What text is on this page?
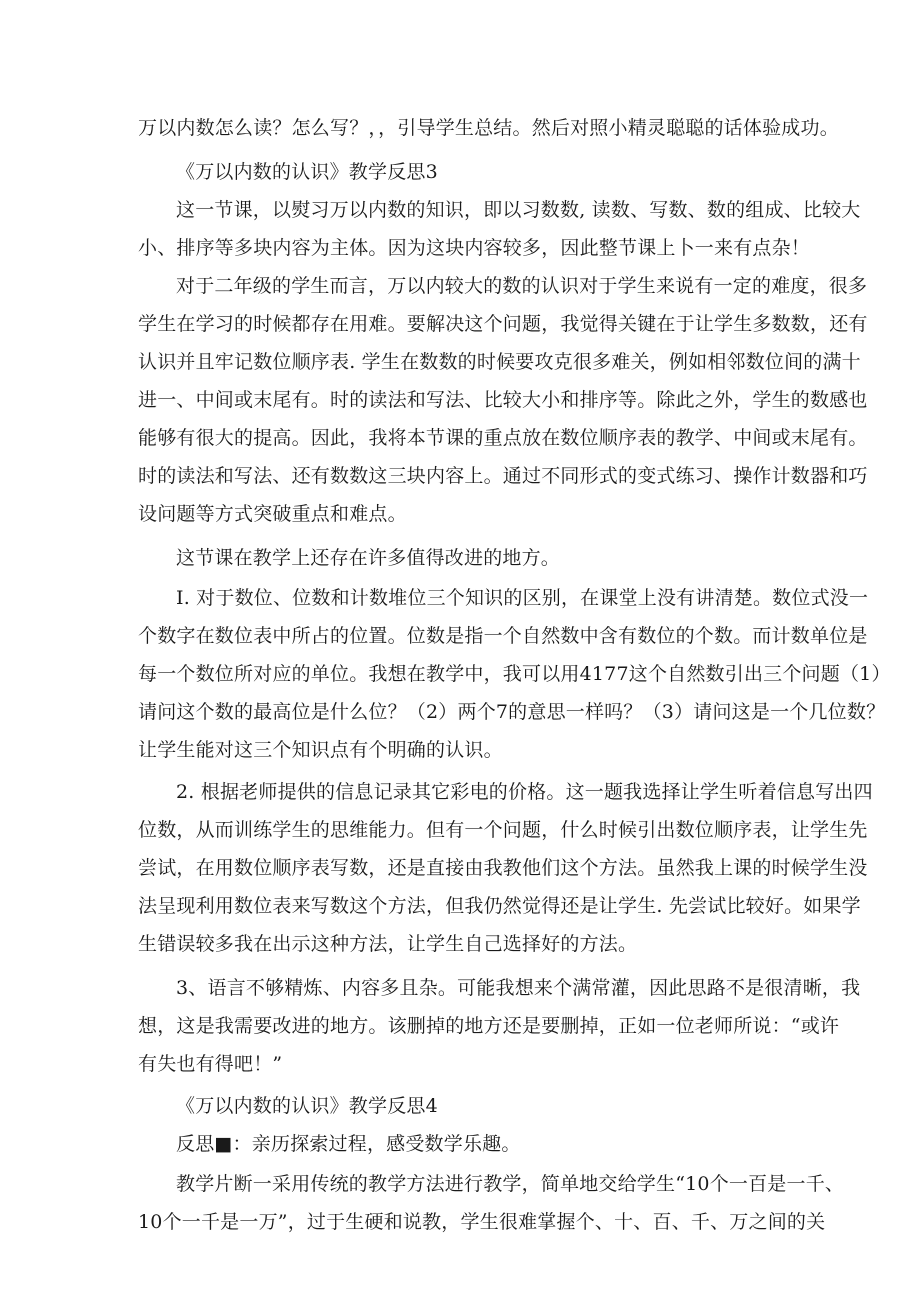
万以内数怎么读？怎么写？，，引导学生总结。然后对照小精灵聪聪的话体验成功。
《万以内数的认识》教学反思3
这一节课，以熨习万以内数的知识，即以习数数, 读数、写数、数的组成、比较大
小、排序等多块内容为主体。因为这块内容较多，因此整节课上卜一来有点杂！
对于二年级的学生而言，万以内较大的数的认识对于学生来说有一定的难度，很多
学生在学习的时候都存在用难。要解决这个问题，我觉得关键在于让学生多数数，还有
认识并且牢记数位顺序表. 学生在数数的时候要攻克很多难关，例如相邻数位间的满十
进一、中间或末尾有。时的读法和写法、比较大小和排序等。除此之外，学生的数感也
能够有很大的提高。因此，我将本节课的重点放在数位顺序表的教学、中间或末尾有。
时的读法和写法、还有数数这三块内容上。通过不同形式的变式练习、操作计数器和巧
设问题等方式突破重点和难点。
这节课在教学上还存在许多值得改进的地方。
I. 对于数位、位数和计数堆位三个知识的区别，在课堂上没有讲清楚。数位式没一
个数字在数位表中所占的位置。位数是指一个自然数中含有数位的个数。而计数单位是
每一个数位所对应的单位。我想在教学中，我可以用4177这个自然数引出三个问题（1）
请问这个数的最高位是什么位？（2）两个7的意思一样吗？（3）请问这是一个几位数？
让学生能对这三个知识点有个明确的认识。
2. 根据老师提供的信息记录其它彩电的价格。这一题我选择让学生听着信息写出四
位数，从而训练学生的思维能力。但有一个问题，什么时候引出数位顺序表，让学生先
尝试，在用数位顺序表写数，还是直接由我教他们这个方法。虽然我上课的时候学生没
法呈现利用数位表来写数这个方法，但我仍然觉得还是让学生. 先尝试比较好。如果学
生错误较多我在出示这种方法，让学生自己选择好的方法。
3、语言不够精炼、内容多且杂。可能我想来个满常灌，因此思路不是很清晰，我
想，这是我需要改进的地方。该删掉的地方还是要删掉，正如一位老师所说：“或许
有失也有得吧！”
《万以内数的认识》教学反思4
反思■：亲历探索过程，感受数学乐趣。
教学片断一采用传统的教学方法进行教学，简单地交给学生“10个一百是一千、
10个一千是一万”，过于生硬和说教，学生很难掌握个、十、百、千、万之间的关
